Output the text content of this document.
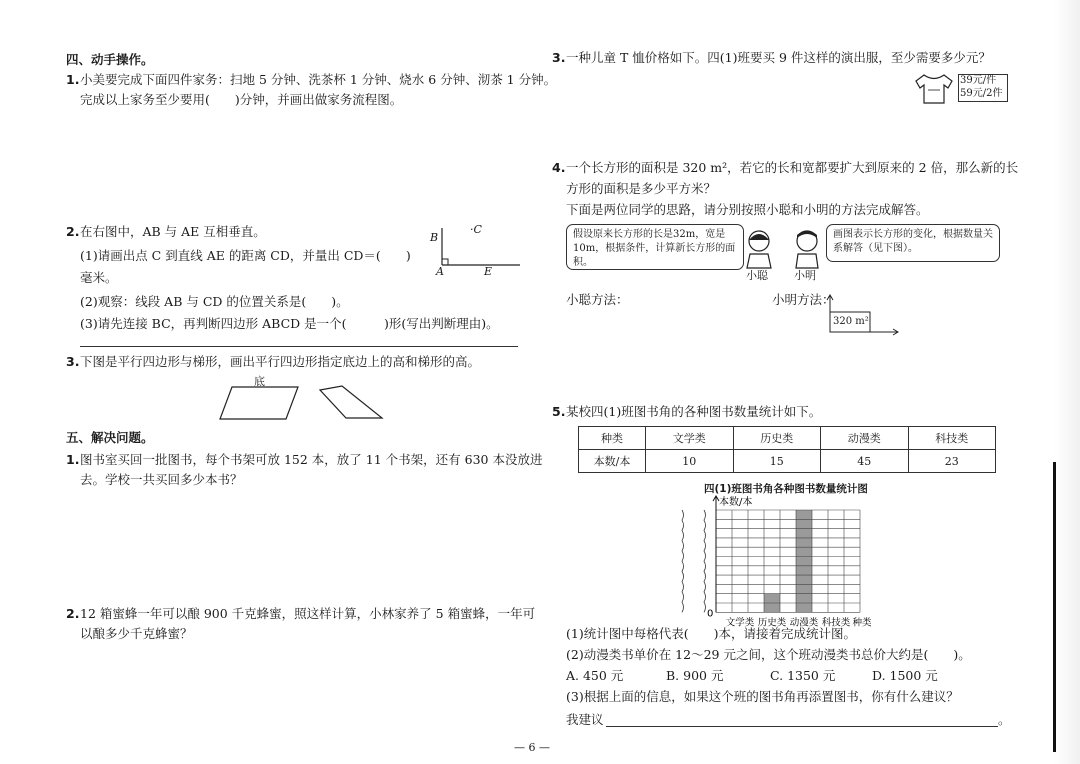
四、动手操作。
1. 小美要完成下面四件家务：扫地 5 分钟、洗茶杯 1 分钟、烧水 6 分钟、沏茶 1 分钟。
完成以上家务至少要用(　　)分钟，并画出做家务流程图。
2. 在右图中，AB 与 AE 互相垂直。
(1)请画出点 C 到直线 AE 的距离 CD，并量出 CD＝(　　)
毫米。
(2)观察：线段 AB 与 CD 的位置关系是(　　)。
(3)请先连接 BC，再判断四边形 ABCD 是一个(　　　)形(写出判断理由)。
B
·C
A	E
3. 下图是平行四边形与梯形，画出平行四边形指定底边上的高和梯形的高。
底
五、解决问题。
1. 图书室买回一批图书，每个书架可放 152 本，放了 11 个书架，还有 630 本没放进
去。学校一共买回多少本书？
2. 12 箱蜜蜂一年可以酿 900 千克蜂蜜，照这样计算，小林家养了 5 箱蜜蜂，一年可
以酿多少千克蜂蜜？
3. 一种儿童 T 恤价格如下。四(1)班要买 9 件这样的演出服，至少需要多少元？
39元/件
59元/2件
4. 一个长方形的面积是 320 m²，若它的长和宽都要扩大到原来的 2 倍，那么新的长
方形的面积是多少平方米？
下面是两位同学的思路，请分别按照小聪和小明的方法完成解答。
假设原来长方形的长是32m，宽是10m，根据条件，计算新长方形的面积。
小聪 小明
画图表示长方形的变化，根据数量关系解答（见下图）。
小聪方法：	小明方法：
320 m²
5. 某校四(1)班图书角的各种图书数量统计如下。
种类	文学类	历史类	动漫类	科技类
本数/本	10	15	45	23
四(1)班图书角各种图书数量统计图
本数/本
0
文学类 历史类 动漫类 科技类 种类
(1)统计图中每格代表(　　)本，请接着完成统计图。
(2)动漫类书单价在 12～29 元之间，这个班动漫类书总价大约是(　　)。
A. 450 元	B. 900 元	C. 1350 元	D. 1500 元
(3)根据上面的信息，如果这个班的图书角再添置图书，你有什么建议？
我建议	。
— 6 —
